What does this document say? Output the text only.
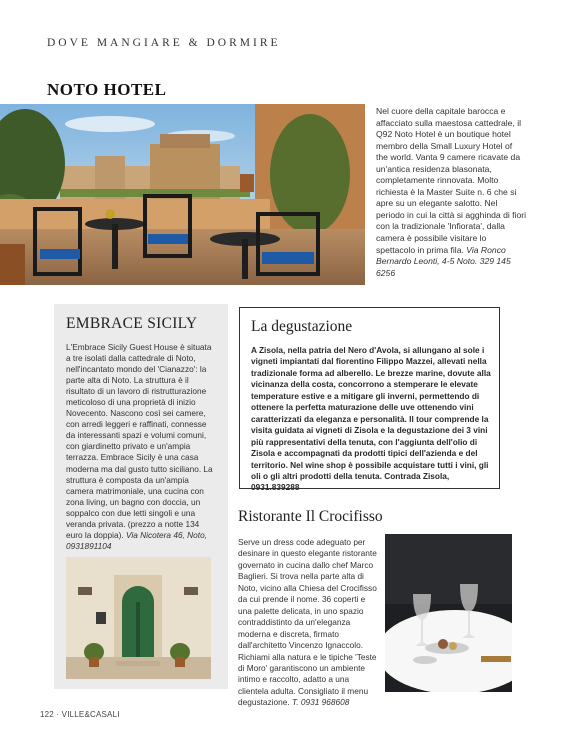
DOVE MANGIARE & DORMIRE
NOTO HOTEL
Nel cuore della capitale barocca e affacciato sulla maestosa cattedrale, il Q92 Noto Hotel è un boutique hotel membro della Small Luxury Hotel of the world. Vanta 9 camere ricavate da un'antica residenza blasonata, completamente rinnovata. Molto richiesta è la Master Suite n. 6 che si apre su un elegante salotto. Nel periodo in cui la città si agghinda di fiori con la tradizionale 'Infiorata', dalla camera è possibile visitare lo spettacolo in prima fila. Via Ronco Bernardo Leonti, 4-5 Noto. 329 145 6256
EMBRACE SICILY
L'Embrace Sicily Guest House è situata a tre isolati dalla cattedrale di Noto, nell'incantato mondo del 'Cianazzo': la parte alta di Noto. La struttura è il risultato di un lavoro di ristrutturazione meticoloso di una proprietà di inizio Novecento. Nascono così sei camere, con arredi leggeri e raffinati, connesse da interessanti spazi e volumi comuni, con giardinetto privato e un'ampia terrazza. Embrace Sicily è una casa moderna ma dal gusto tutto siciliano. La struttura è composta da un'ampia camera matrimoniale, una cucina con zona living, un bagno con doccia, un soppalco con due letti singoli e una veranda privata. (prezzo a notte 134 euro la doppia). Via Nicotera 46, Noto, 0931891104
La degustazione
A Zisola, nella patria del Nero d'Avola, si allungano al sole i vigneti impiantati dal fiorentino Filippo Mazzei, allevati nella tradizionale forma ad alberello. Le brezze marine, dovute alla vicinanza della costa, concorrono a stemperare le elevate temperature estive e a mitigare gli inverni, permettendo di ottenere la perfetta maturazione delle uve ottenendo vini caratterizzati da eleganza e personalità. Il tour comprende la visita guidata ai vigneti di Zisola e la degustazione dei 3 vini più rappresentativi della tenuta, con l'aggiunta dell'olio di Zisola e accompagnati da prodotti tipici dell'azienda e del territorio. Nel wine shop è possibile acquistare tutti i vini, gli oli o gli altri prodotti della tenuta. Contrada Zisola, 0931.839288
Ristorante Il Crocifisso
Serve un dress code adeguato per desinare in questo elegante ristorante governato in cucina dallo chef Marco Baglieri. Si trova nella parte alta di Noto, vicino alla Chiesa del Crocifisso da cui prende il nome. 36 coperti e una palette delicata, in uno spazio contraddistinto da un'eleganza moderna e discreta, firmato dall'architetto Vincenzo Ignaccolo. Richiami alla natura e le tipiche 'Teste di Moro' garantiscono un ambiente intimo e raccolto, adatto a una clientela adulta. Consigliato il menu degustazione. T. 0931 968608
122 · VILLE&CASALI
